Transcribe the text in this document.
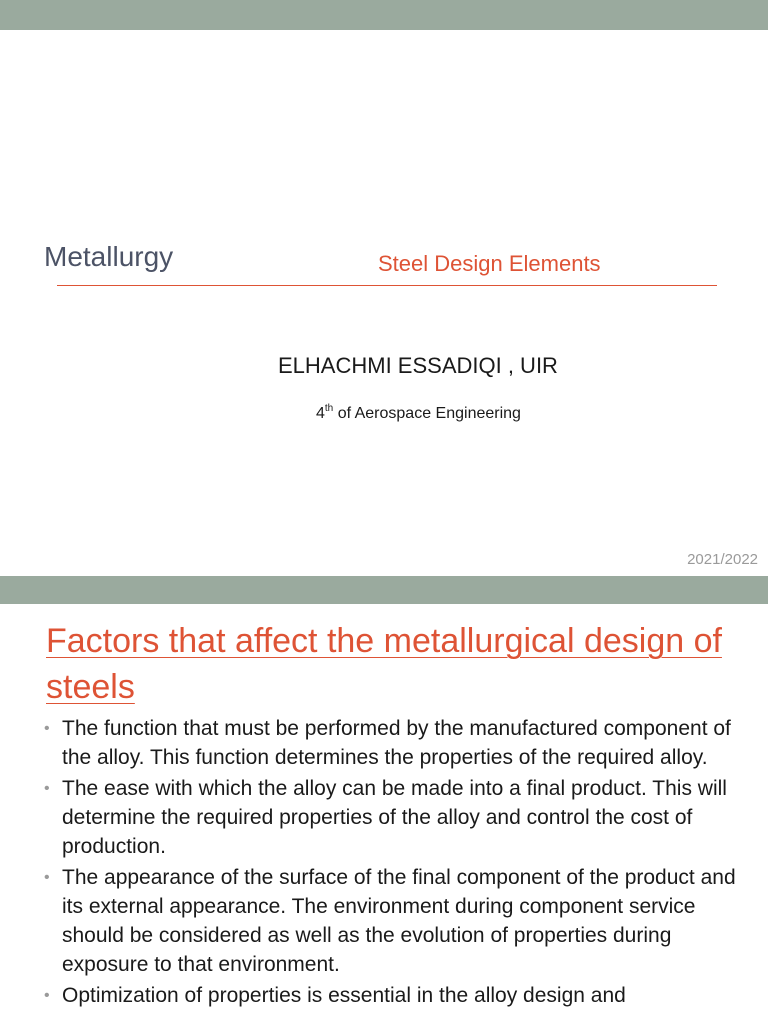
Metallurgy	Steel Design Elements
ELHACHMI ESSADIQI , UIR
4th of Aerospace Engineering
2021/2022
Factors that affect the metallurgical design of steels
• The function that must be performed by the manufactured component of the alloy. This function determines the properties of the required alloy.
• The ease with which the alloy can be made into a final product. This will determine the required properties of the alloy and control the cost of production.
• The appearance of the surface of the final component of the product and its external appearance. The environment during component service should be considered as well as the evolution of properties during exposure to that environment.
• Optimization of properties is essential in the alloy design and
